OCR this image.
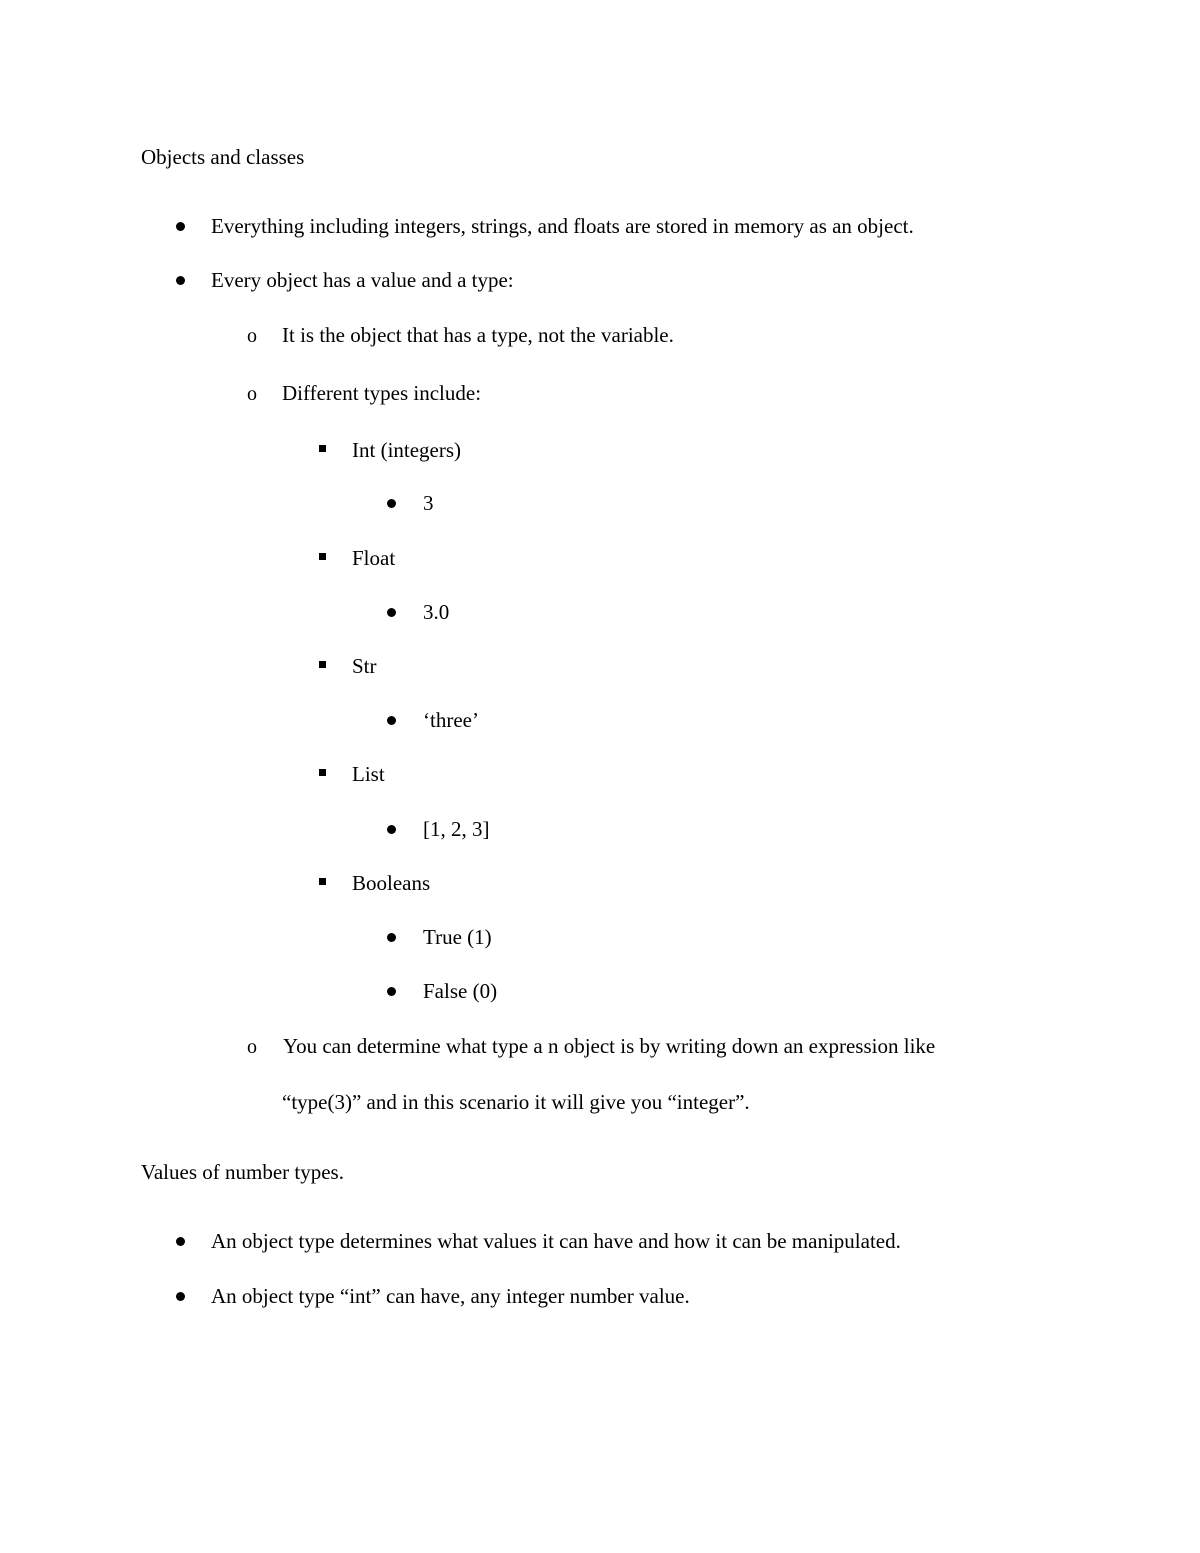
Objects and classes
Everything including integers, strings, and floats are stored in memory as an object.
Every object has a value and a type:
o It is the object that has a type, not the variable.
o Different types include:
Int (integers)
3
Float
3.0
Str
‘three’
List
[1, 2, 3]
Booleans
True (1)
False (0)
o You can determine what type a n object is by writing down an expression like
“type(3)” and in this scenario it will give you “integer”.
Values of number types.
An object type determines what values it can have and how it can be manipulated.
An object type “int” can have, any integer number value.
